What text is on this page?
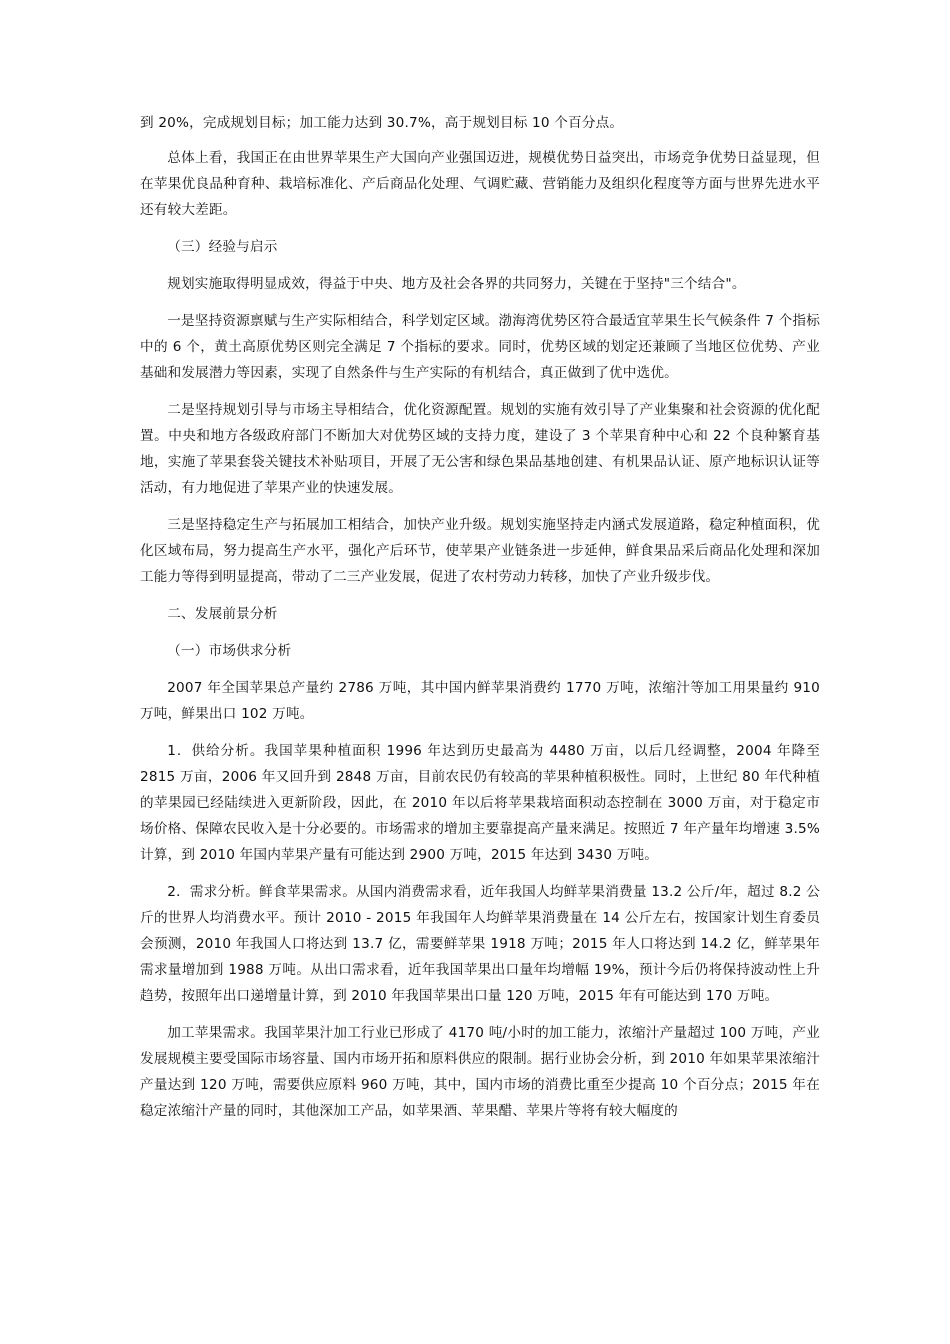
到 20%，完成规划目标；加工能力达到 30.7%，高于规划目标 10 个百分点。

总体上看，我国正在由世界苹果生产大国向产业强国迈进，规模优势日益突出，市场竞争优势日益显现，但在苹果优良品种育种、栽培标准化、产后商品化处理、气调贮藏、营销能力及组织化程度等方面与世界先进水平还有较大差距。

（三）经验与启示

规划实施取得明显成效，得益于中央、地方及社会各界的共同努力，关键在于坚持"三个结合"。

一是坚持资源禀赋与生产实际相结合，科学划定区域。渤海湾优势区符合最适宜苹果生长气候条件 7 个指标中的 6 个，黄土高原优势区则完全满足 7 个指标的要求。同时，优势区域的划定还兼顾了当地区位优势、产业基础和发展潜力等因素，实现了自然条件与生产实际的有机结合，真正做到了优中选优。

二是坚持规划引导与市场主导相结合，优化资源配置。规划的实施有效引导了产业集聚和社会资源的优化配置。中央和地方各级政府部门不断加大对优势区域的支持力度，建设了 3 个苹果育种中心和 22 个良种繁育基地，实施了苹果套袋关键技术补贴项目，开展了无公害和绿色果品基地创建、有机果品认证、原产地标识认证等活动，有力地促进了苹果产业的快速发展。

三是坚持稳定生产与拓展加工相结合，加快产业升级。规划实施坚持走内涵式发展道路，稳定种植面积，优化区域布局，努力提高生产水平，强化产后环节，使苹果产业链条进一步延伸，鲜食果品采后商品化处理和深加工能力等得到明显提高，带动了二三产业发展，促进了农村劳动力转移，加快了产业升级步伐。

二、发展前景分析

（一）市场供求分析

2007 年全国苹果总产量约 2786 万吨，其中国内鲜苹果消费约 1770 万吨，浓缩汁等加工用果量约 910 万吨，鲜果出口 102 万吨。

1．供给分析。我国苹果种植面积 1996 年达到历史最高为 4480 万亩，以后几经调整，2004 年降至 2815 万亩，2006 年又回升到 2848 万亩，目前农民仍有较高的苹果种植积极性。同时，上世纪 80 年代种植的苹果园已经陆续进入更新阶段，因此，在 2010 年以后将苹果栽培面积动态控制在 3000 万亩，对于稳定市场价格、保障农民收入是十分必要的。市场需求的增加主要靠提高产量来满足。按照近 7 年产量年均增速 3.5%计算，到 2010 年国内苹果产量有可能达到 2900 万吨，2015 年达到 3430 万吨。

2．需求分析。鲜食苹果需求。从国内消费需求看，近年我国人均鲜苹果消费量 13.2 公斤/年，超过 8.2 公斤的世界人均消费水平。预计 2010 - 2015 年我国年人均鲜苹果消费量在 14 公斤左右，按国家计划生育委员会预测，2010 年我国人口将达到 13.7 亿，需要鲜苹果 1918 万吨；2015 年人口将达到 14.2 亿，鲜苹果年需求量增加到 1988 万吨。从出口需求看，近年我国苹果出口量年均增幅 19%，预计今后仍将保持波动性上升趋势，按照年出口递增量计算，到 2010 年我国苹果出口量 120 万吨，2015 年有可能达到 170 万吨。

加工苹果需求。我国苹果汁加工行业已形成了 4170 吨/小时的加工能力，浓缩汁产量超过 100 万吨，产业发展规模主要受国际市场容量、国内市场开拓和原料供应的限制。据行业协会分析，到 2010 年如果苹果浓缩汁产量达到 120 万吨，需要供应原料 960 万吨，其中，国内市场的消费比重至少提高 10 个百分点；2015 年在稳定浓缩汁产量的同时，其他深加工产品，如苹果酒、苹果醋、苹果片等将有较大幅度的
